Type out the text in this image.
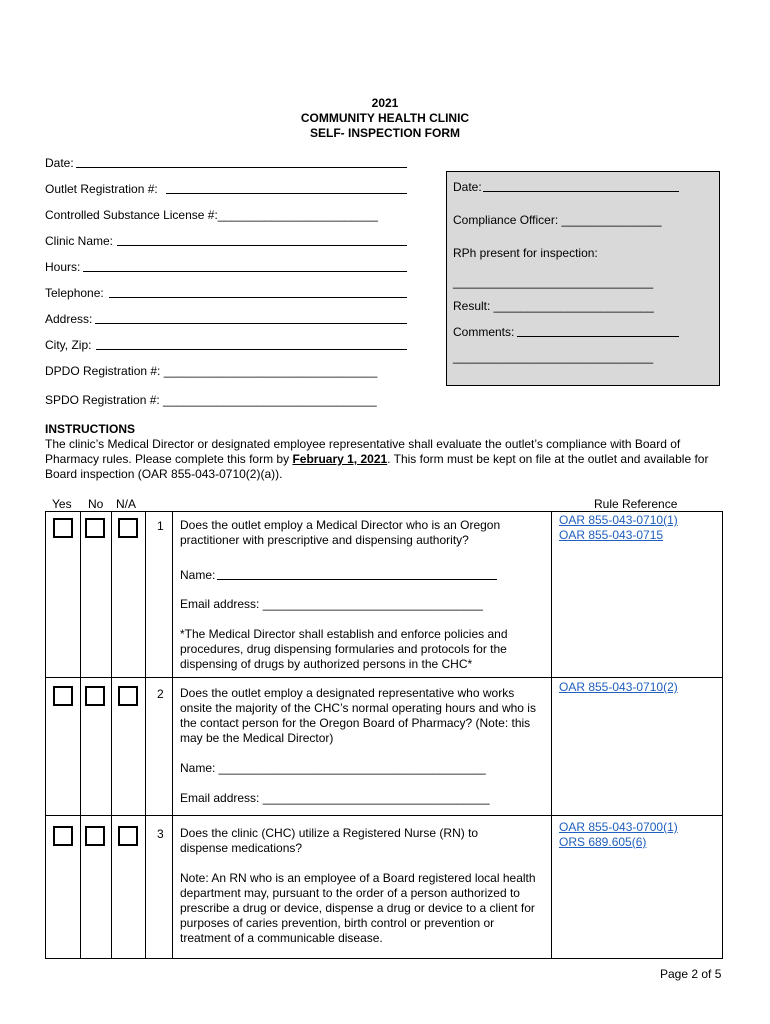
2021
COMMUNITY HEALTH CLINIC
SELF- INSPECTION FORM
Date:
Outlet Registration #:
Controlled Substance License #:________________________
Clinic Name:
Hours:
Telephone:
Address:
City, Zip:
DPDO Registration #: ________________________________
SPDO Registration #: ________________________________
Date:
Compliance Officer: _______________
RPh present for inspection:
______________________________
Result: ________________________
Comments:
______________________________
INSTRUCTIONS
The clinic’s Medical Director or designated employee representative shall evaluate the outlet’s compliance with Board of Pharmacy rules. Please complete this form by February 1, 2021. This form must be kept on file at the outlet and available for Board inspection (OAR 855-043-0710(2)(a)).
Yes No N/A	Rule Reference
1 Does the outlet employ a Medical Director who is an Oregon practitioner with prescriptive and dispensing authority?
Name:
Email address: _________________________________
*The Medical Director shall establish and enforce policies and procedures, drug dispensing formularies and protocols for the dispensing of drugs by authorized persons in the CHC*
OAR 855-043-0710(1)
OAR 855-043-0715
2 Does the outlet employ a designated representative who works onsite the majority of the CHC’s normal operating hours and who is the contact person for the Oregon Board of Pharmacy? (Note: this may be the Medical Director)
Name: ________________________________________
Email address: __________________________________
OAR 855-043-0710(2)
3 Does the clinic (CHC) utilize a Registered Nurse (RN) to dispense medications?
Note: An RN who is an employee of a Board registered local health department may, pursuant to the order of a person authorized to prescribe a drug or device, dispense a drug or device to a client for purposes of caries prevention, birth control or prevention or treatment of a communicable disease.
OAR 855-043-0700(1)
ORS 689.605(6)
Page 2 of 5
